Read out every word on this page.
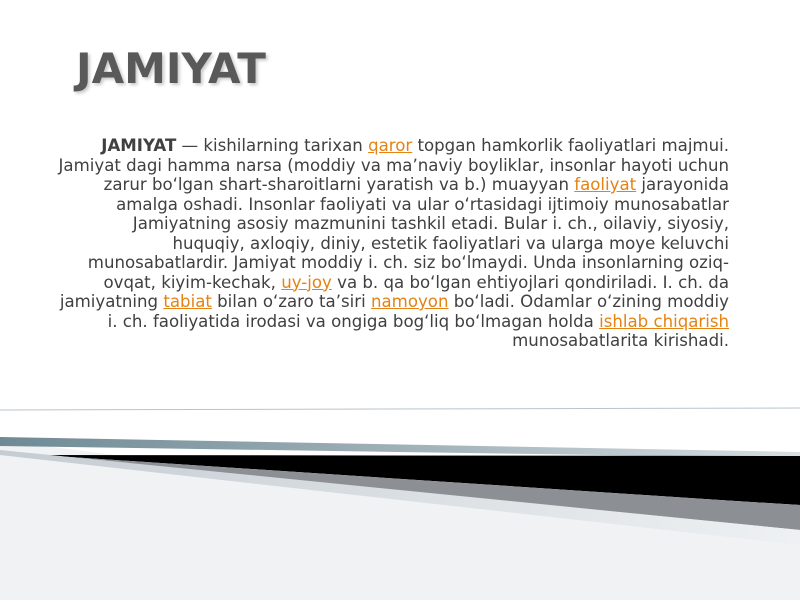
JAMIYAT

JAMIYAT — kishilarning tarixan qaror topgan hamkorlik faoliyatlari majmui. Jamiyat dagi hamma narsa (moddiy va maʼnaviy boyliklar, insonlar hayoti uchun zarur boʻlgan shart-sharoitlarni yaratish va b.) muayyan faoliyat jarayonida amalga oshadi. Insonlar faoliyati va ular oʻrtasidagi ijtimoiy munosabatlar Jamiyatning asosiy mazmunini tashkil etadi. Bular i. ch., oilaviy, siyosiy, huquqiy, axloqiy, diniy, estetik faoliyatlari va ularga moye keluvchi munosabatlardir. Jamiyat moddiy i. ch. siz boʻlmaydi. Unda insonlarning oziq-ovqat, kiyim-kechak, uy-joy va b. qa boʻlgan ehtiyojlari qondiriladi. I. ch. da jamiyatning tabiat bilan oʻzaro taʼsiri namoyon boʻladi. Odamlar oʻzining moddiy i. ch. faoliyatida irodasi va ongiga bogʻliq boʻlmagan holda ishlab chiqarish munosabatlarita kirishadi.
